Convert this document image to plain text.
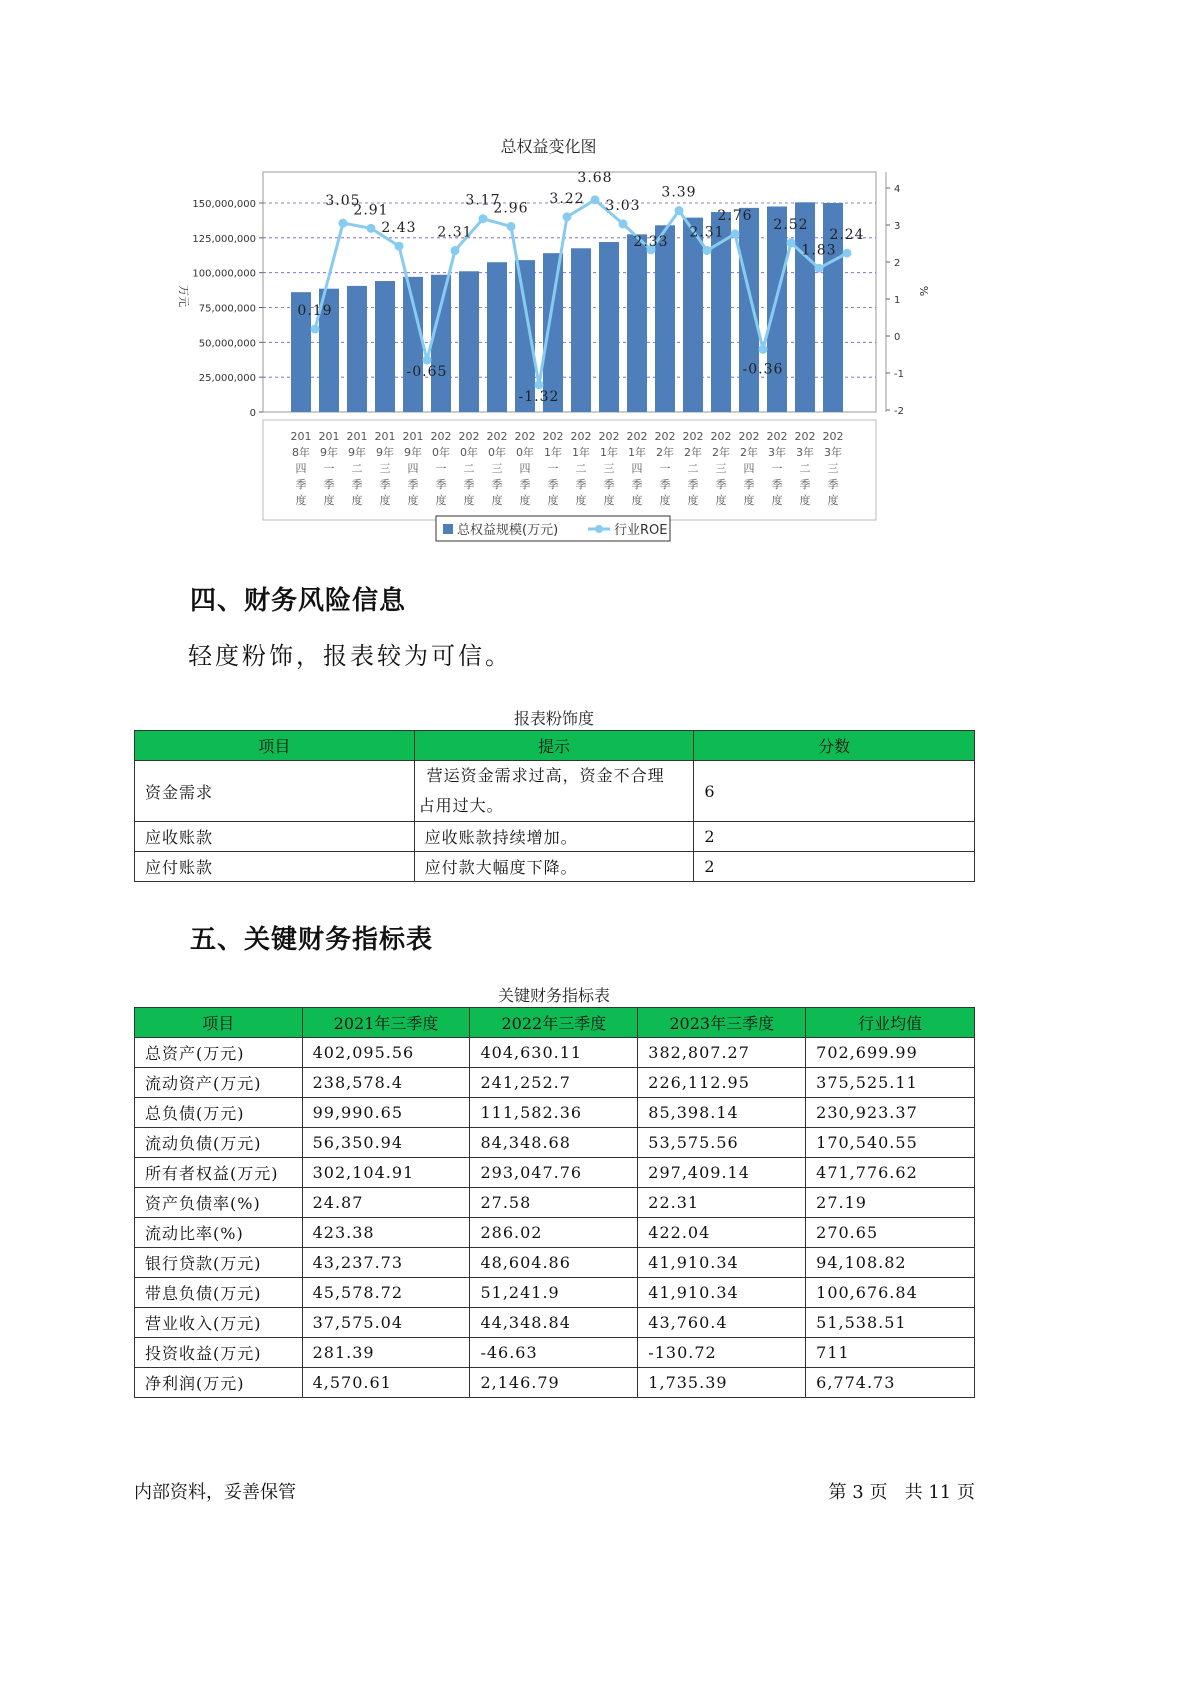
总权益变化图
0
25,000,000
50,000,000
75,000,000
100,000,000
125,000,000
150,000,000
-2
-1
0
1
2
3
4
万元	%
201
8年
四
季
度
201
9年
一
季
度
201
9年
二
季
度
201
9年
三
季
度
201
9年
四
季
度
202
0年
一
季
度
202
0年
二
季
度
202
0年
三
季
度
202
0年
四
季
度
202
1年
一
季
度
202
1年
二
季
度
202
1年
三
季
度
202
1年
四
季
度
202
2年
一
季
度
202
2年
二
季
度
202
2年
三
季
度
202
2年
四
季
度
202
3年
一
季
度
202
3年
二
季
度
202
3年
三
季
度
0.19
3.05
2.91
2.43
-0.65
2.31
3.17
2.96
-1.32
3.22
3.68
3.03
2.33
3.39
2.31
2.76
-0.36
2.52
1.83
2.24
总权益规模(万元)	行业ROE
四、财务风险信息
轻度粉饰，报表较为可信。
报表粉饰度
项目	提示	分数
资金需求	营运资金需求过高，资金不合理
占用过大。	6
应收账款	应收账款持续增加。	2
应付账款	应付款大幅度下降。	2
五、关键财务指标表
关键财务指标表
项目	2021年三季度	2022年三季度	2023年三季度	行业均值
总资产(万元)	402,095.56	404,630.11	382,807.27	702,699.99
流动资产(万元)	238,578.4	241,252.7	226,112.95	375,525.11
总负债(万元)	99,990.65	111,582.36	85,398.14	230,923.37
流动负债(万元)	56,350.94	84,348.68	53,575.56	170,540.55
所有者权益(万元)	302,104.91	293,047.76	297,409.14	471,776.62
资产负债率(%)	24.87	27.58	22.31	27.19
流动比率(%)	423.38	286.02	422.04	270.65
银行贷款(万元)	43,237.73	48,604.86	41,910.34	94,108.82
带息负债(万元)	45,578.72	51,241.9	41,910.34	100,676.84
营业收入(万元)	37,575.04	44,348.84	43,760.4	51,538.51
投资收益(万元)	281.39	-46.63	-130.72	711
净利润(万元)	4,570.61	2,146.79	1,735.39	6,774.73
内部资料，妥善保管	第 3 页 共 11 页
